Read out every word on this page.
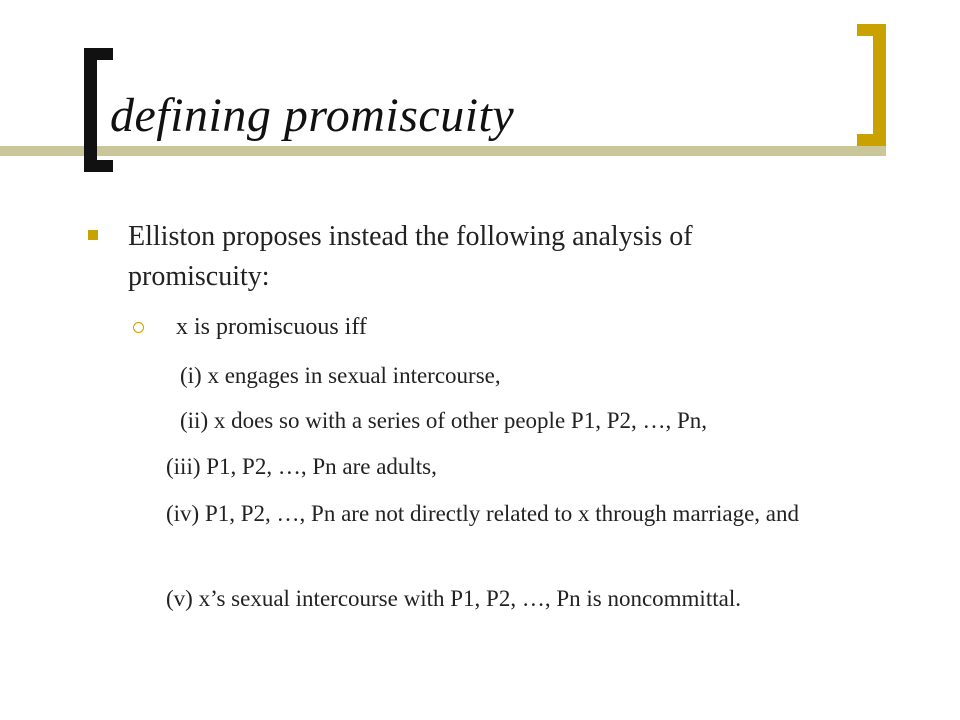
defining promiscuity
Elliston proposes instead the following analysis of promiscuity:
x is promiscuous iff
(i) x engages in sexual intercourse,
(ii) x does so with a series of other people P1, P2, …, Pn,
(iii) P1, P2, …, Pn are adults,
(iv) P1, P2, …, Pn are not directly related to x through marriage, and
(v) x’s sexual intercourse with P1, P2, …, Pn is noncommittal.
